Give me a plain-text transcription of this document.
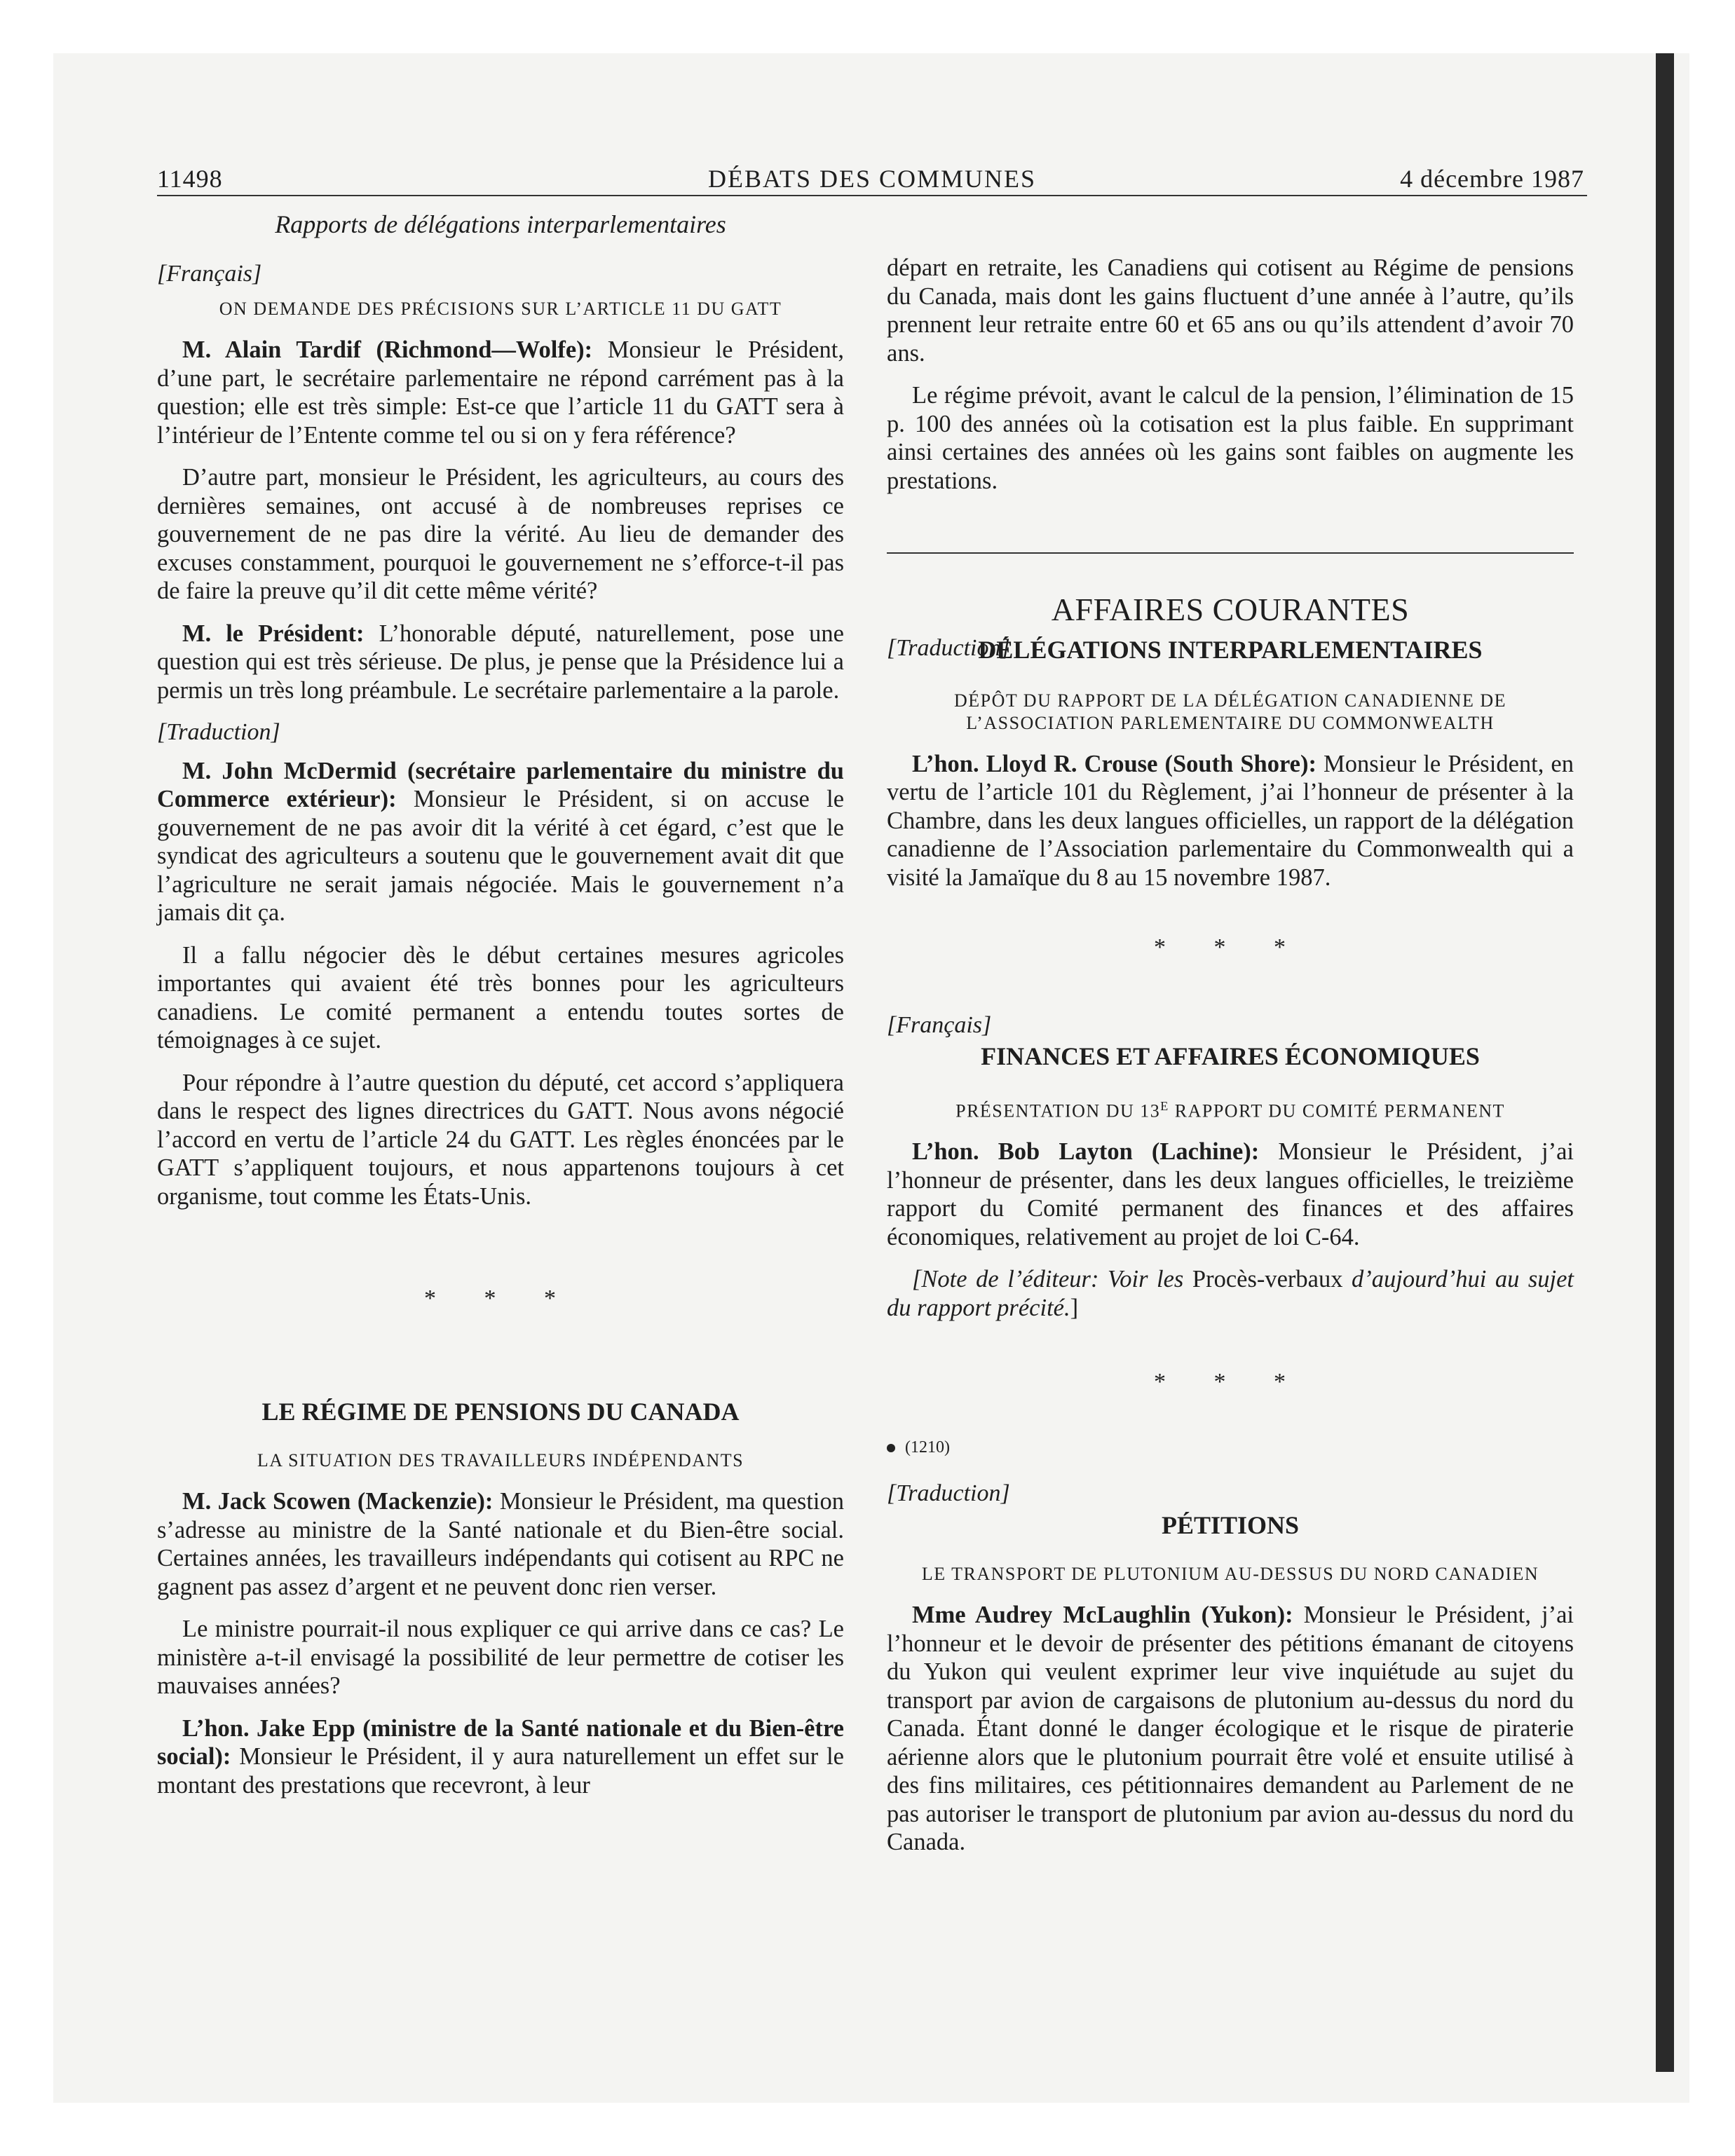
11498	DÉBATS DES COMMUNES	4 décembre 1987

Rapports de délégations interparlementaires

[Français]

ON DEMANDE DES PRÉCISIONS SUR L’ARTICLE 11 DU GATT

M. Alain Tardif (Richmond—Wolfe): Monsieur le Président, d’une part, le secrétaire parlementaire ne répond carrément pas à la question; elle est très simple: Est-ce que l’article 11 du GATT sera à l’intérieur de l’Entente comme tel ou si on y fera référence?

D’autre part, monsieur le Président, les agriculteurs, au cours des dernières semaines, ont accusé à de nombreuses reprises ce gouvernement de ne pas dire la vérité. Au lieu de demander des excuses constamment, pourquoi le gouvernement ne s’efforce-t-il pas de faire la preuve qu’il dit cette même vérité?

M. le Président: L’honorable député, naturellement, pose une question qui est très sérieuse. De plus, je pense que la Présidence lui a permis un très long préambule. Le secrétaire parlementaire a la parole.

[Traduction]

M. John McDermid (secrétaire parlementaire du ministre du Commerce extérieur): Monsieur le Président, si on accuse le gouvernement de ne pas avoir dit la vérité à cet égard, c’est que le syndicat des agriculteurs a soutenu que le gouvernement avait dit que l’agriculture ne serait jamais négociée. Mais le gouvernement n’a jamais dit ça.

Il a fallu négocier dès le début certaines mesures agricoles importantes qui avaient été très bonnes pour les agriculteurs canadiens. Le comité permanent a entendu toutes sortes de témoignages à ce sujet.

Pour répondre à l’autre question du député, cet accord s’appliquera dans le respect des lignes directrices du GATT. Nous avons négocié l’accord en vertu de l’article 24 du GATT. Les règles énoncées par le GATT s’appliquent toujours, et nous appartenons toujours à cet organisme, tout comme les États-Unis.

* * *

LE RÉGIME DE PENSIONS DU CANADA

LA SITUATION DES TRAVAILLEURS INDÉPENDANTS

M. Jack Scowen (Mackenzie): Monsieur le Président, ma question s’adresse au ministre de la Santé nationale et du Bien-être social. Certaines années, les travailleurs indépendants qui cotisent au RPC ne gagnent pas assez d’argent et ne peuvent donc rien verser.

Le ministre pourrait-il nous expliquer ce qui arrive dans ce cas? Le ministère a-t-il envisagé la possibilité de leur permettre de cotiser les mauvaises années?

L’hon. Jake Epp (ministre de la Santé nationale et du Bien-être social): Monsieur le Président, il y aura naturellement un effet sur le montant des prestations que recevront, à leur

départ en retraite, les Canadiens qui cotisent au Régime de pensions du Canada, mais dont les gains fluctuent d’une année à l’autre, qu’ils prennent leur retraite entre 60 et 65 ans ou qu’ils attendent d’avoir 70 ans.

Le régime prévoit, avant le calcul de la pension, l’élimination de 15 p. 100 des années où la cotisation est la plus faible. En supprimant ainsi certaines des années où les gains sont faibles on augmente les prestations.

AFFAIRES COURANTES
[Traduction]

DÉLÉGATIONS INTERPARLEMENTAIRES

DÉPÔT DU RAPPORT DE LA DÉLÉGATION CANADIENNE DE L’ASSOCIATION PARLEMENTAIRE DU COMMONWEALTH

L’hon. Lloyd R. Crouse (South Shore): Monsieur le Président, en vertu de l’article 101 du Règlement, j’ai l’honneur de présenter à la Chambre, dans les deux langues officielles, un rapport de la délégation canadienne de l’Association parlementaire du Commonwealth qui a visité la Jamaïque du 8 au 15 novembre 1987.

* * *

[Français]

FINANCES ET AFFAIRES ÉCONOMIQUES

PRÉSENTATION DU $13^E$ RAPPORT DU COMITÉ PERMANENT

L’hon. Bob Layton (Lachine): Monsieur le Président, j’ai l’honneur de présenter, dans les deux langues officielles, le treizième rapport du Comité permanent des finances et des affaires économiques, relativement au projet de loi C-64.

[Note de l’éditeur: Voir les Procès-verbaux d’aujourd’hui au sujet du rapport précité.]

* * *

(1210)

[Traduction]

PÉTITIONS

LE TRANSPORT DE PLUTONIUM AU-DESSUS DU NORD CANADIEN

Mme Audrey McLaughlin (Yukon): Monsieur le Président, j’ai l’honneur et le devoir de présenter des pétitions émanant de citoyens du Yukon qui veulent exprimer leur vive inquiétude au sujet du transport par avion de cargaisons de plutonium au-dessus du nord du Canada. Étant donné le danger écologique et le risque de piraterie aérienne alors que le plutonium pourrait être volé et ensuite utilisé à des fins militaires, ces pétitionnaires demandent au Parlement de ne pas autoriser le transport de plutonium par avion au-dessus du nord du Canada.
